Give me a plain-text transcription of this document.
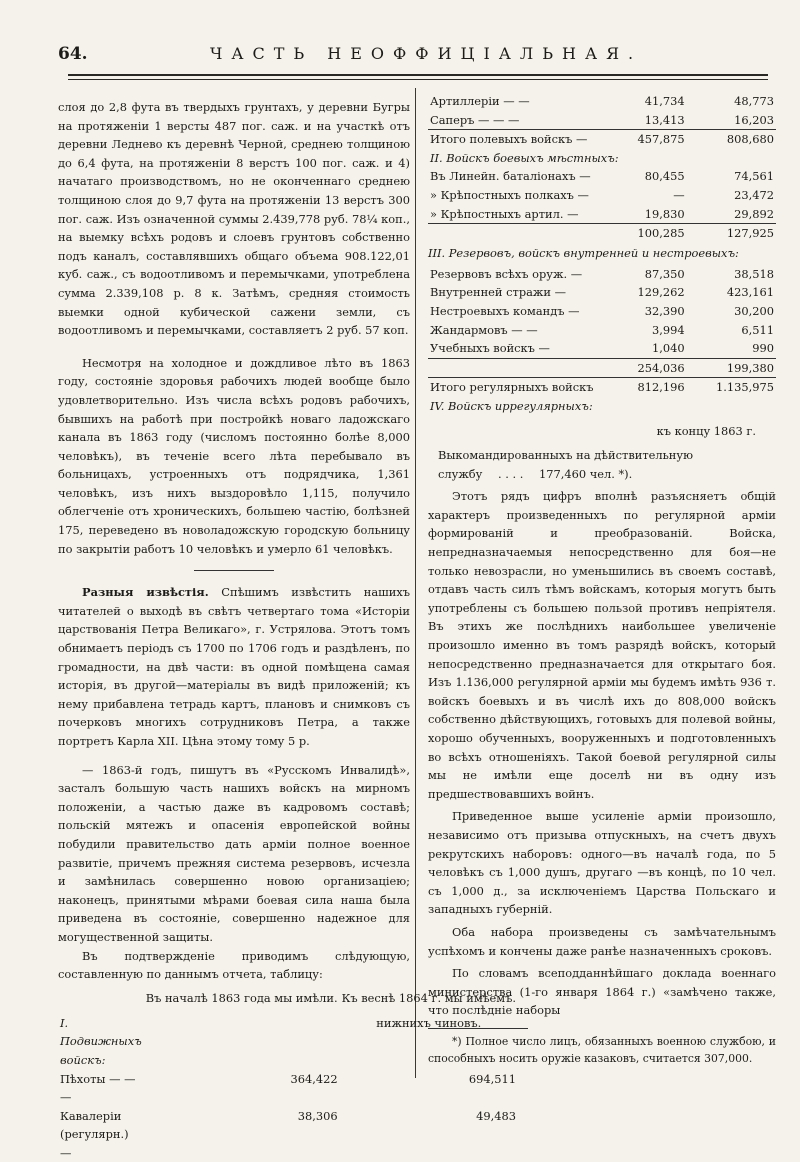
64.	ЧАСТЬ НЕОФФИЦІАЛЬНАЯ.

слоя до 2,8 фута въ твердыхъ грунтахъ, у деревни Бугры на протяженіи 1 версты 487 пог. саж. и на участкѣ отъ деревни Леднево къ деревнѣ Черной, среднею толщиною до 6,4 фута, на протяженіи 8 верстъ 100 пог. саж. и 4) начатаго производствомъ, но не оконченнаго среднею толщиною слоя до 9,7 фута на протяженіи 13 верстъ 300 пог. саж. Изъ означенной суммы 2.439,778 руб. 78¼ коп., на выемку всѣхъ родовъ и слоевъ грунтовъ собственно подъ каналъ, составлявшихъ общаго объема 908.122,01 куб. саж., съ водоотливомъ и перемычками, употреблена сумма 2.339,108 р. 8 к. Затѣмъ, средняя стоимость выемки одной кубической сажени земли, съ водоотливомъ и перемычками, составляетъ 2 руб. 57 коп.

Несмотря на холодное и дождливое лѣто въ 1863 году, состояніе здоровья рабочихъ людей вообще было удовлетворительно. Изъ числа всѣхъ родовъ рабочихъ, бывшихъ на работѣ при постройкѣ новаго ладожскаго канала въ 1863 году (числомъ постоянно болѣе 8,000 человѣкъ), въ теченіе всего лѣта перебывало въ больницахъ, устроенныхъ отъ подрядчика, 1,361 человѣкъ, изъ нихъ выздоровѣло 1,115, получило облегченіе отъ хроническихъ, большею частію, болѣзней 175, переведено въ новоладожскую городскую больницу по закрытіи работъ 10 человѣкъ и умерло 61 человѣкъ.

Разныя извѣстія. Спѣшимъ извѣстить нашихъ читателей о выходѣ въ свѣтъ четвертаго тома «Исторіи царствованія Петра Великаго», г. Устрялова. Этотъ томъ обнимаетъ періодъ съ 1700 по 1706 годъ и раздѣленъ, по громадности, на двѣ части: въ одной помѣщена самая исторія, въ другой—матеріалы въ видѣ приложеній; къ нему прибавлена тетрадь картъ, плановъ и снимковъ съ почерковъ многихъ сотрудниковъ Петра, а также портретъ Карла XII. Цѣна этому тому 5 р.

— 1863-й годъ, пишутъ въ «Русскомъ Инвалидѣ», засталъ большую часть нашихъ войскъ на мирномъ положеніи, а частью даже въ кадровомъ составѣ; польскій мятежъ и опасенія европейской войны побудили правительство дать арміи полное военное развитіе, причемъ прежняя система резервовъ, исчезла и замѣнилась совершенно новою организаціею; наконецъ, принятыми мѣрами боевая сила наша была приведена въ состояніе, совершенно надежное для могущественной защиты.

Въ подтвержденіе приводимъ слѣдующую, составленную по даннымъ отчета, таблицу:

	Въ началѣ 1863 года мы имѣли.	Къ веснѣ 1864 г. мы имѣемъ.
I. Подвижныхъ войскъ:		нижнихъ чиновъ.
Пѣхоты — — —	364,422	694,511
Кавалеріи (регулярн.) —	38,306	49,483
Артиллеріи — —	41,734	48,773
Саперъ — — —	13,413	16,203
Итого полевыхъ войскъ —	457,875	808,680
II. Войскъ боевыхъ мѣстныхъ:		
Въ Линейн. баталіонахъ —	80,455	74,561
» Крѣпостныхъ полкахъ —	—	23,472
» Крѣпостныхъ артил. —	19,830	29,892
	100,285	127,925
III. Резервовъ, войскъ внутренней и нестроевыхъ:		
Резервовъ всѣхъ оруж. —	87,350	38,518
Внутренней стражи —	129,262	423,161
Нестроевыхъ командъ —	32,390	30,200
Жандармовъ — —	3,994	6,511
Учебныхъ войскъ —	1,040	990
	254,036	199,380
Итого регулярныхъ войскъ	812,196	1.135,975
IV. Войскъ иррегулярныхъ:		
къ концу 1863 г.		
Выкомандированныхъ на дѣйствительную службу . . . . 177,460 чел. *).

Этотъ рядъ цифръ вполнѣ разъясняетъ общій характеръ произведенныхъ по регулярной арміи формированій и преобразованій. Войска, непредназначаемыя непосредственно для боя—не только невозрасли, но уменьшились въ своемъ составѣ, отдавъ часть силъ тѣмъ войскамъ, которыя могутъ быть употреблены съ большею пользой противъ непріятеля. Въ этихъ же послѣднихъ наибольшее увеличеніе произошло именно въ томъ разрядѣ войскъ, который непосредственно предназначается для открытаго боя. Изъ 1.136,000 регулярной арміи мы будемъ имѣть 936 т. войскъ боевыхъ и въ числѣ ихъ до 808,000 войскъ собственно дѣйствующихъ, готовыхъ для полевой войны, хорошо обученныхъ, вооруженныхъ и подготовленныхъ во всѣхъ отношеніяхъ. Такой боевой регулярной силы мы не имѣли еще доселѣ ни въ одну изъ предшествовавшихъ войнъ.

Приведенное выше усиленіе арміи произошло, независимо отъ призыва отпускныхъ, на счетъ двухъ рекрутскихъ наборовъ: одного—въ началѣ года, по 5 человѣкъ съ 1,000 душъ, другаго —въ концѣ, по 10 чел. съ 1,000 д., за исключеніемъ Царства Польскаго и западныхъ губерній.

Оба набора произведены съ замѣчательнымъ успѣхомъ и кончены даже ранѣе назначенныхъ сроковъ.

По словамъ всеподданнѣйшаго доклада военнаго министерства (1-го января 1864 г.) «замѣчено также, что послѣдніе наборы

*) Полное число лицъ, обязанныхъ военною службою, и способныхъ носить оружіе казаковъ, считается 307,000.
